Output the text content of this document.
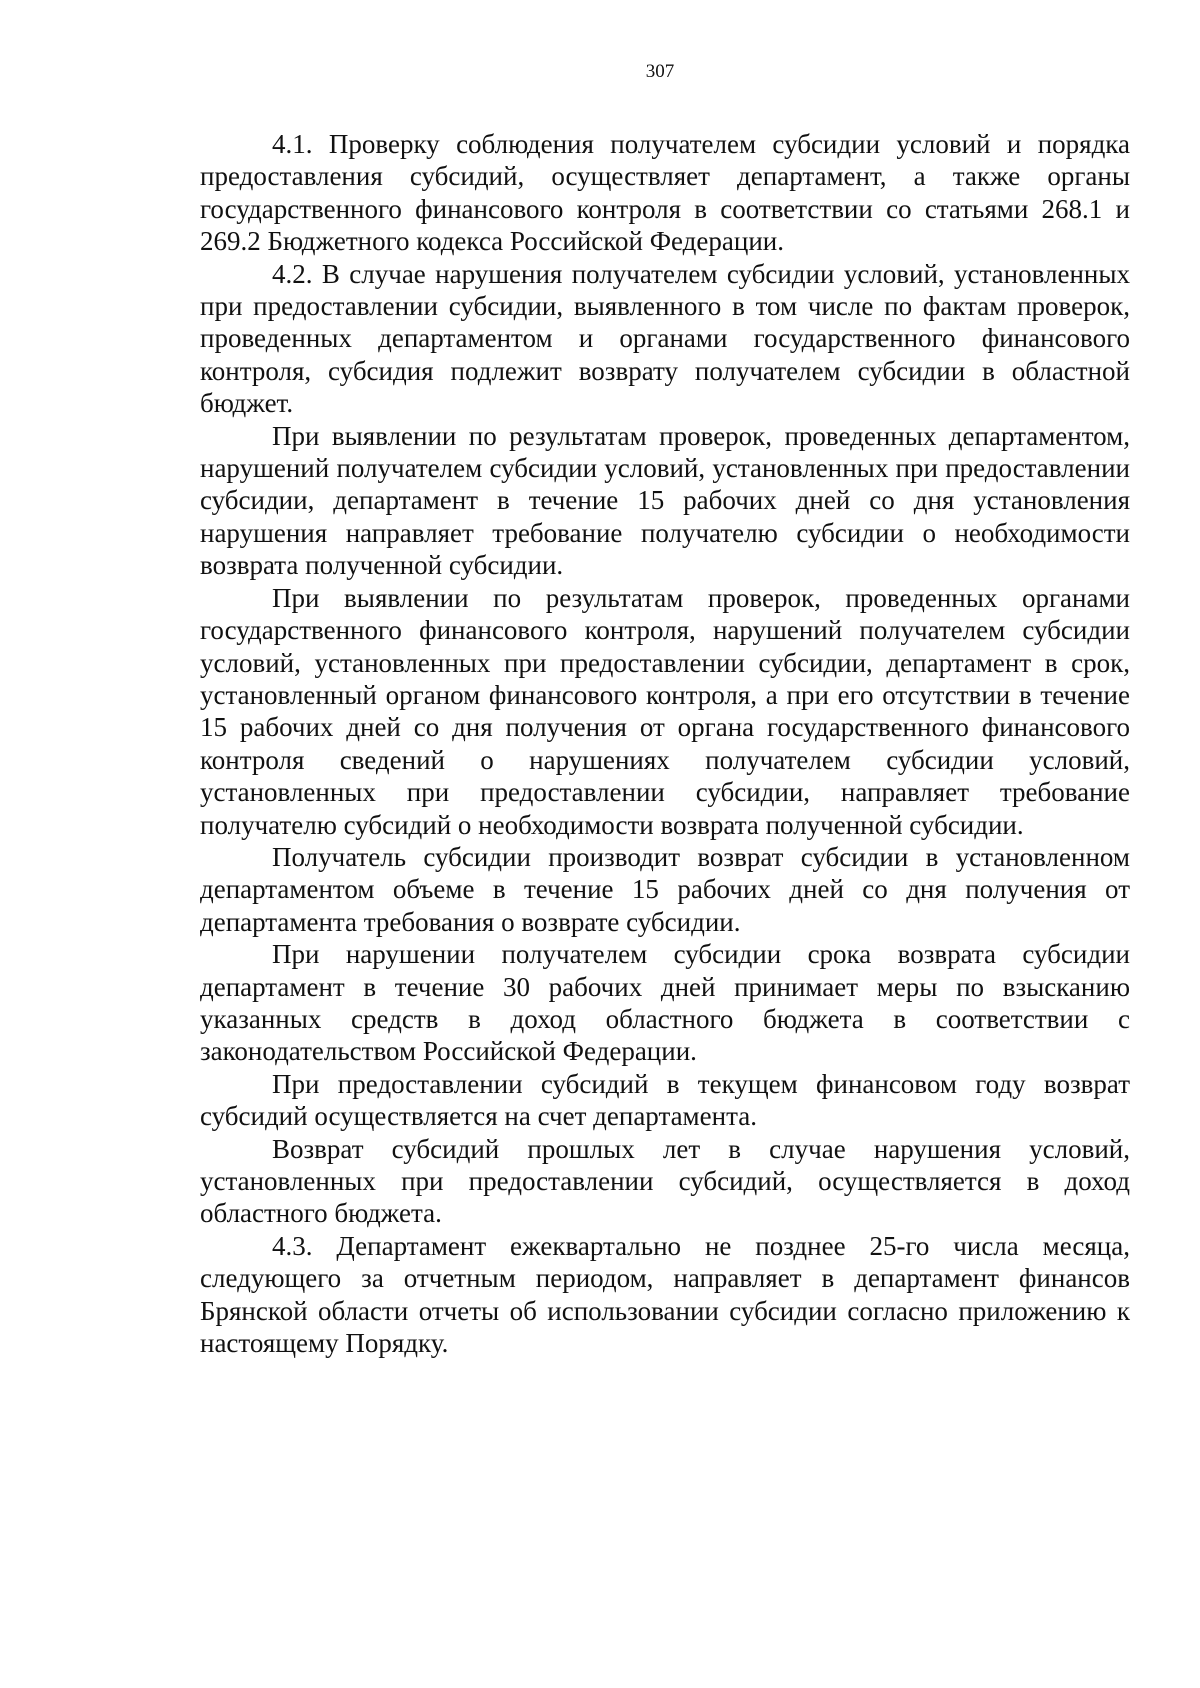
307

4.1. Проверку соблюдения получателем субсидии условий и порядка предоставления субсидий, осуществляет департамент, а также органы государственного финансового контроля в соответствии со статьями 268.1 и 269.2 Бюджетного кодекса Российской Федерации.

4.2. В случае нарушения получателем субсидии условий, установленных при предоставлении субсидии, выявленного в том числе по фактам проверок, проведенных департаментом и органами государственного финансового контроля, субсидия подлежит возврату получателем субсидии в областной бюджет.

При выявлении по результатам проверок, проведенных департаментом, нарушений получателем субсидии условий, установленных при предоставлении субсидии, департамент в течение 15 рабочих дней со дня установления нарушения направляет требование получателю субсидии о необходимости возврата полученной субсидии.

При выявлении по результатам проверок, проведенных органами государственного финансового контроля, нарушений получателем субсидии условий, установленных при предоставлении субсидии, департамент в срок, установленный органом финансового контроля, а при его отсутствии в течение 15 рабочих дней со дня получения от органа государственного финансового контроля сведений о нарушениях получателем субсидии условий, установленных при предоставлении субсидии, направляет требование получателю субсидий о необходимости возврата полученной субсидии.

Получатель субсидии производит возврат субсидии в установленном департаментом объеме в течение 15 рабочих дней со дня получения от департамента требования о возврате субсидии.

При нарушении получателем субсидии срока возврата субсидии департамент в течение 30 рабочих дней принимает меры по взысканию указанных средств в доход областного бюджета в соответствии с законодательством Российской Федерации.

При предоставлении субсидий в текущем финансовом году возврат субсидий осуществляется на счет департамента.

Возврат субсидий прошлых лет в случае нарушения условий, установленных при предоставлении субсидий, осуществляется в доход областного бюджета.

4.3. Департамент ежеквартально не позднее 25-го числа месяца, следующего за отчетным периодом, направляет в департамент финансов Брянской области отчеты об использовании субсидии согласно приложению к настоящему Порядку.
